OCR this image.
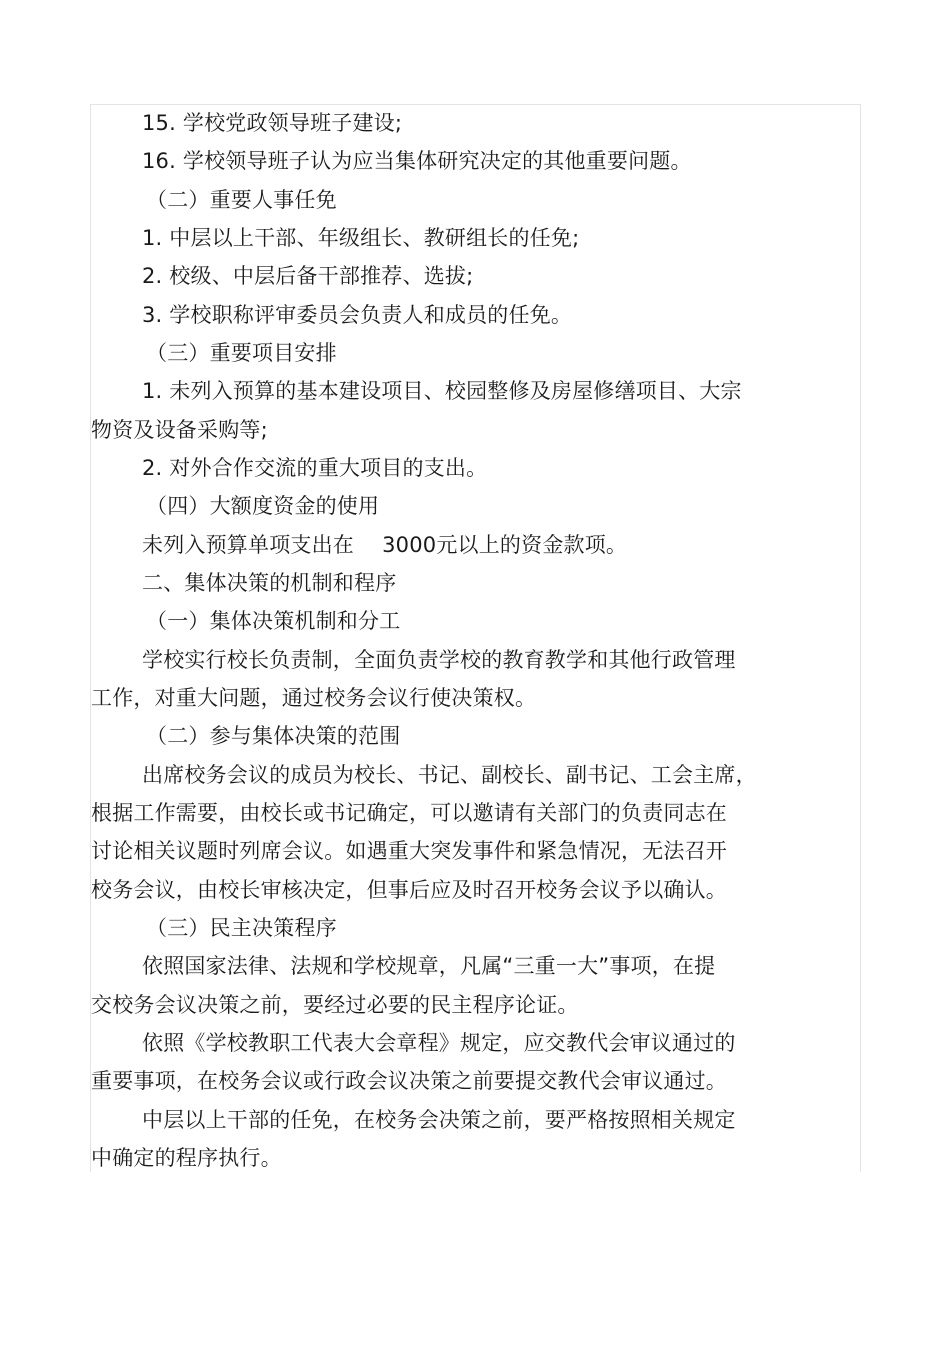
15. 学校党政领导班子建设;
16. 学校领导班子认为应当集体研究决定的其他重要问题。
（二）重要人事任免
1. 中层以上干部、年级组长、教研组长的任免;
2. 校级、中层后备干部推荐、选拔;
3. 学校职称评审委员会负责人和成员的任免。
（三）重要项目安排
1. 未列入预算的基本建设项目、校园整修及房屋修缮项目、大宗
物资及设备采购等;
2. 对外合作交流的重大项目的支出。
（四）大额度资金的使用
未列入预算单项支出在　 3000元以上的资金款项。
二、集体决策的机制和程序
（一）集体决策机制和分工
学校实行校长负责制，全面负责学校的教育教学和其他行政管理
工作，对重大问题，通过校务会议行使决策权。
（二）参与集体决策的范围
出席校务会议的成员为校长、书记、副校长、副书记、工会主席，
根据工作需要，由校长或书记确定，可以邀请有关部门的负责同志在
讨论相关议题时列席会议。如遇重大突发事件和紧急情况，无法召开
校务会议，由校长审核决定，但事后应及时召开校务会议予以确认。
（三）民主决策程序
依照国家法律、法规和学校规章，凡属“三重一大”事项，在提
交校务会议决策之前，要经过必要的民主程序论证。
依照《学校教职工代表大会章程》规定，应交教代会审议通过的
重要事项，在校务会议或行政会议决策之前要提交教代会审议通过。
中层以上干部的任免，在校务会决策之前，要严格按照相关规定
中确定的程序执行。
